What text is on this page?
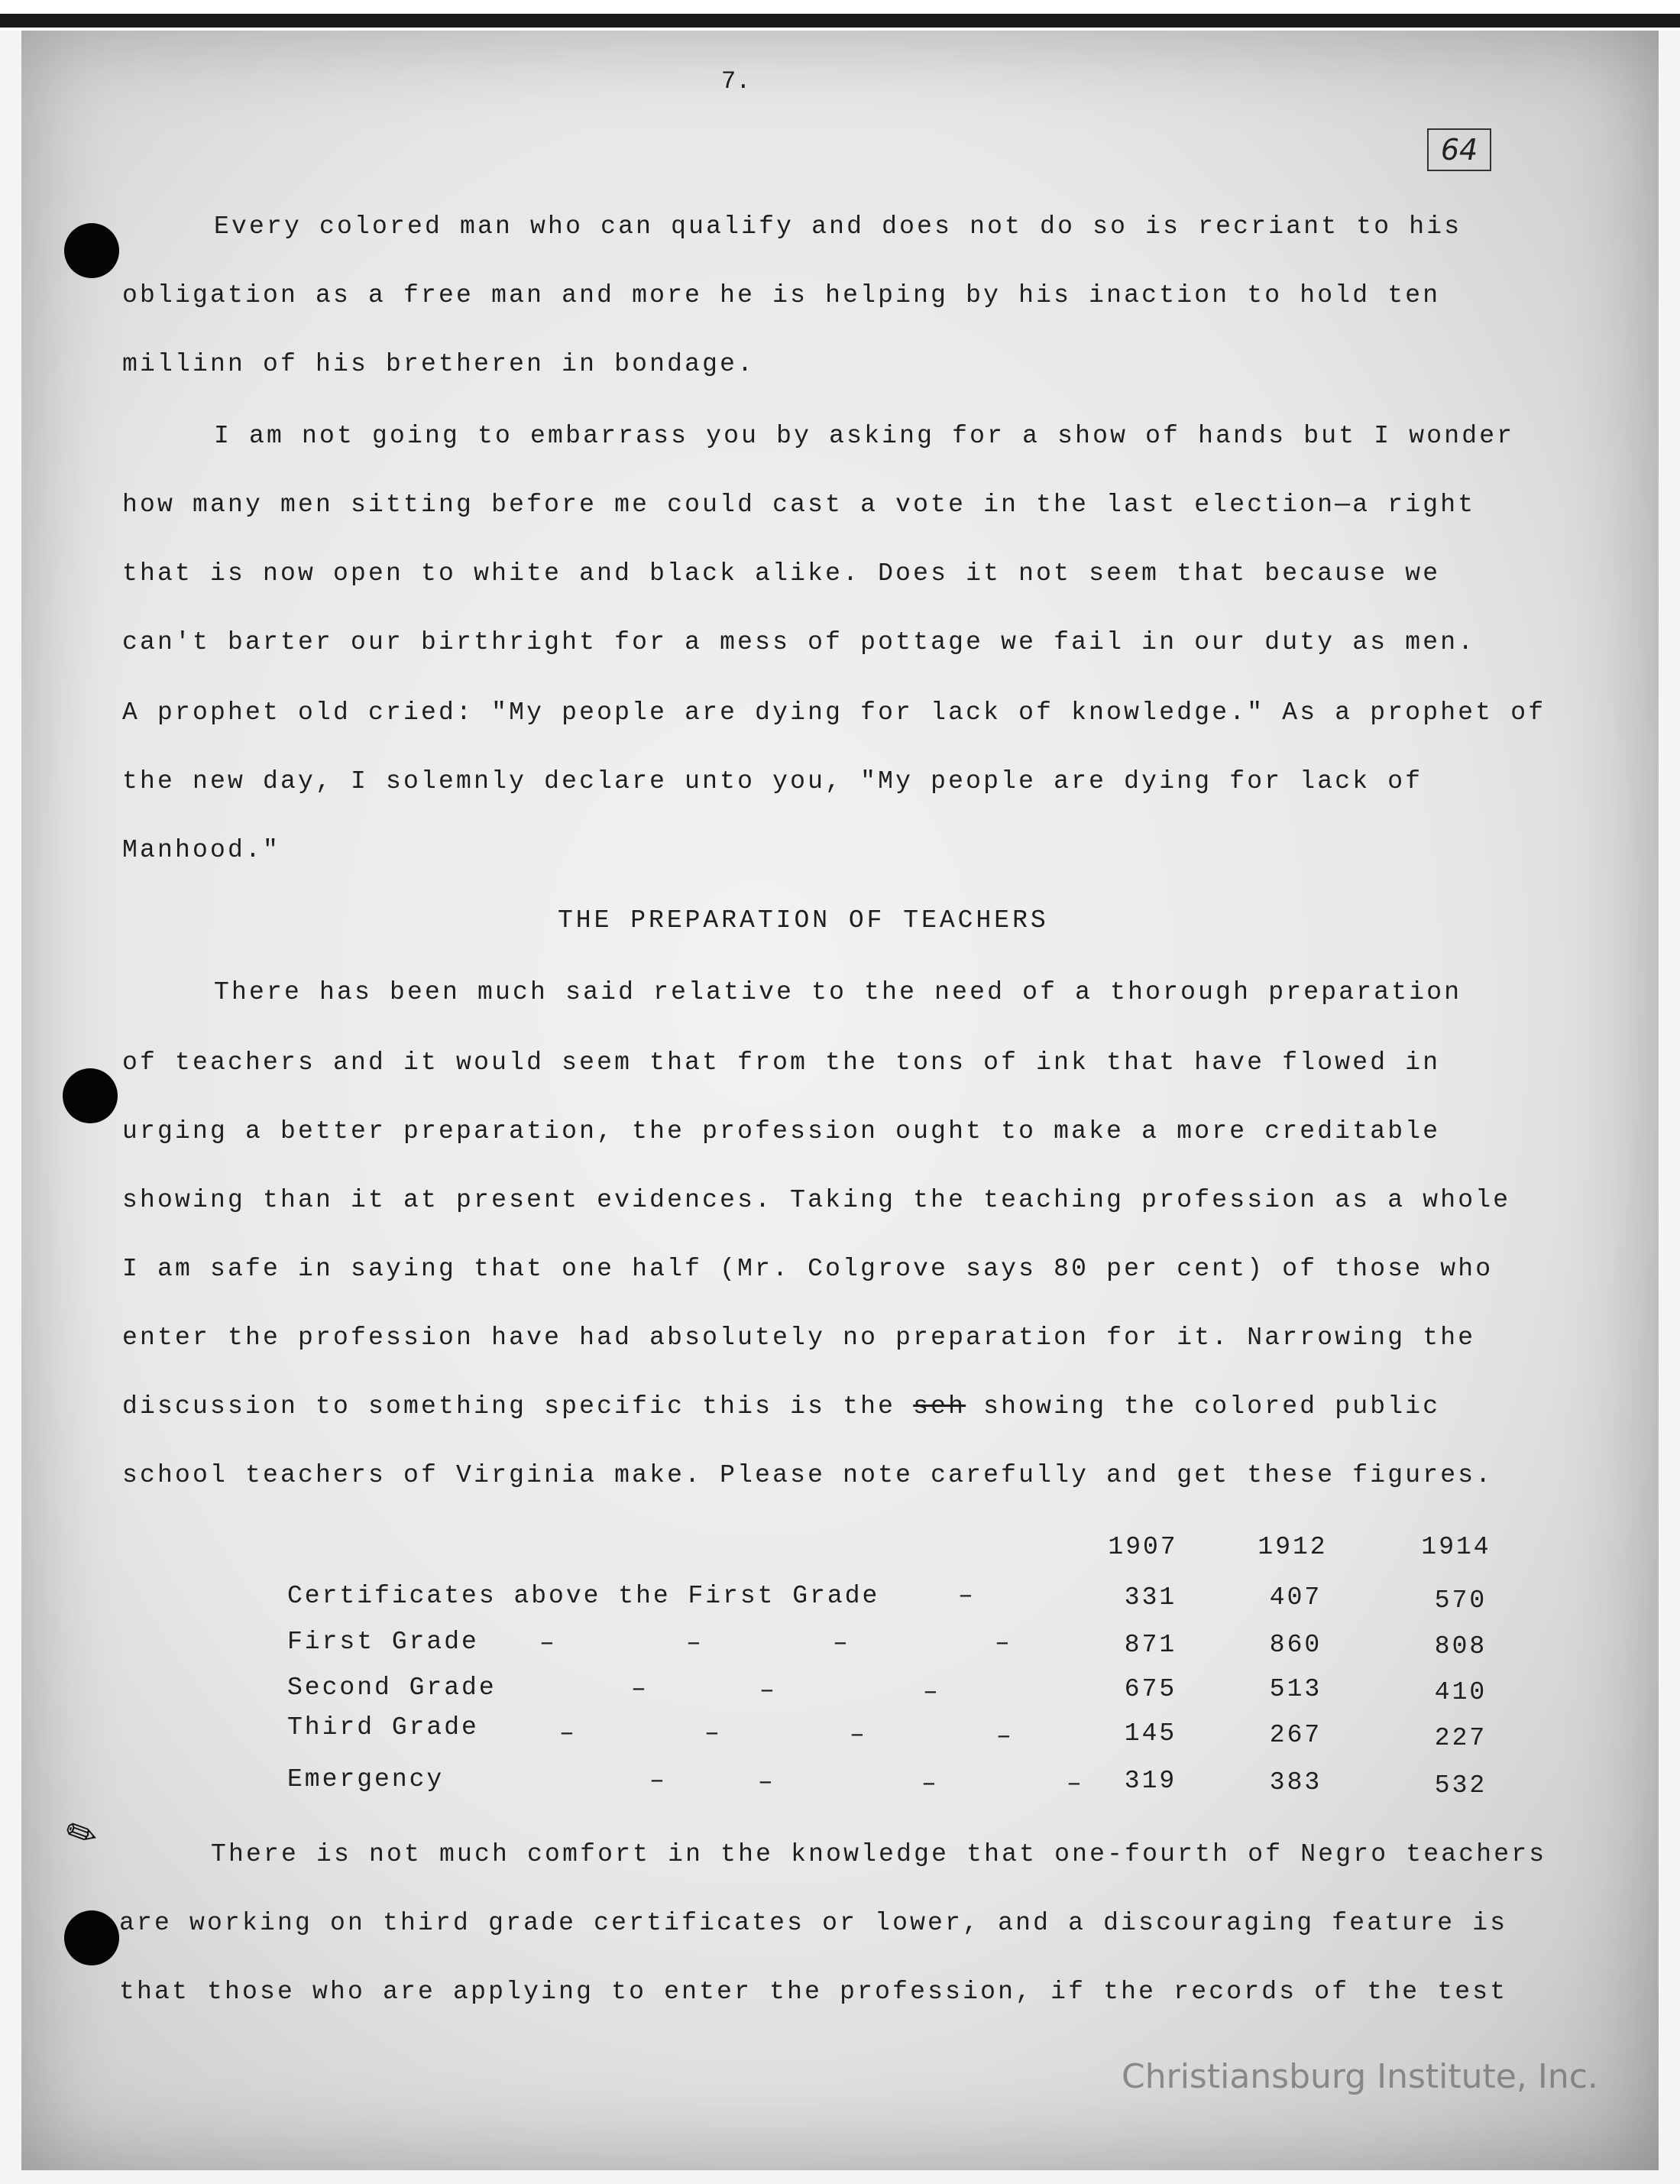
7.
64
Every colored man who can qualify and does not do so is recriant to his
obligation as a free man and more he is helping by his inaction to hold ten
millinn of his bretheren in bondage.
I am not going to embarrass you by asking for a show of hands but I wonder
how many men sitting before me could cast a vote in the last election—a right
that is now open to white and black alike. Does it not seem that because we
can't barter our birthright for a mess of pottage we fail in our duty as men.
A prophet old cried: "My people are dying for lack of knowledge." As a prophet of
the new day, I solemnly declare unto you, "My people are dying for lack of
Manhood."
THE PREPARATION OF TEACHERS
There has been much said relative to the need of a thorough preparation
of teachers and it would seem that from the tons of ink that have flowed in
urging a better preparation, the profession ought to make a more creditable
showing than it at present evidences. Taking the teaching profession as a whole
I am safe in saying that one half (Mr. Colgrove says 80 per cent) of those who
enter the profession have had absolutely no preparation for it. Narrowing the
discussion to something specific this is the seh showing the colored public
school teachers of Virginia make. Please note carefully and get these figures.
1907	1912	1914
Certificates above the First Grade	–	331	407	570
First Grade –	–	–	–	871	860	808
Second Grade	–	–	–	675	513	410
Third Grade	–	–	–	–	145	267	227
Emergency	–	–	–	–	319	383	532
✎	There is not much comfort in the knowledge that one-fourth of Negro teachers
are working on third grade certificates or lower, and a discouraging feature is
that those who are applying to enter the profession, if the records of the test
Christiansburg Institute, Inc.
